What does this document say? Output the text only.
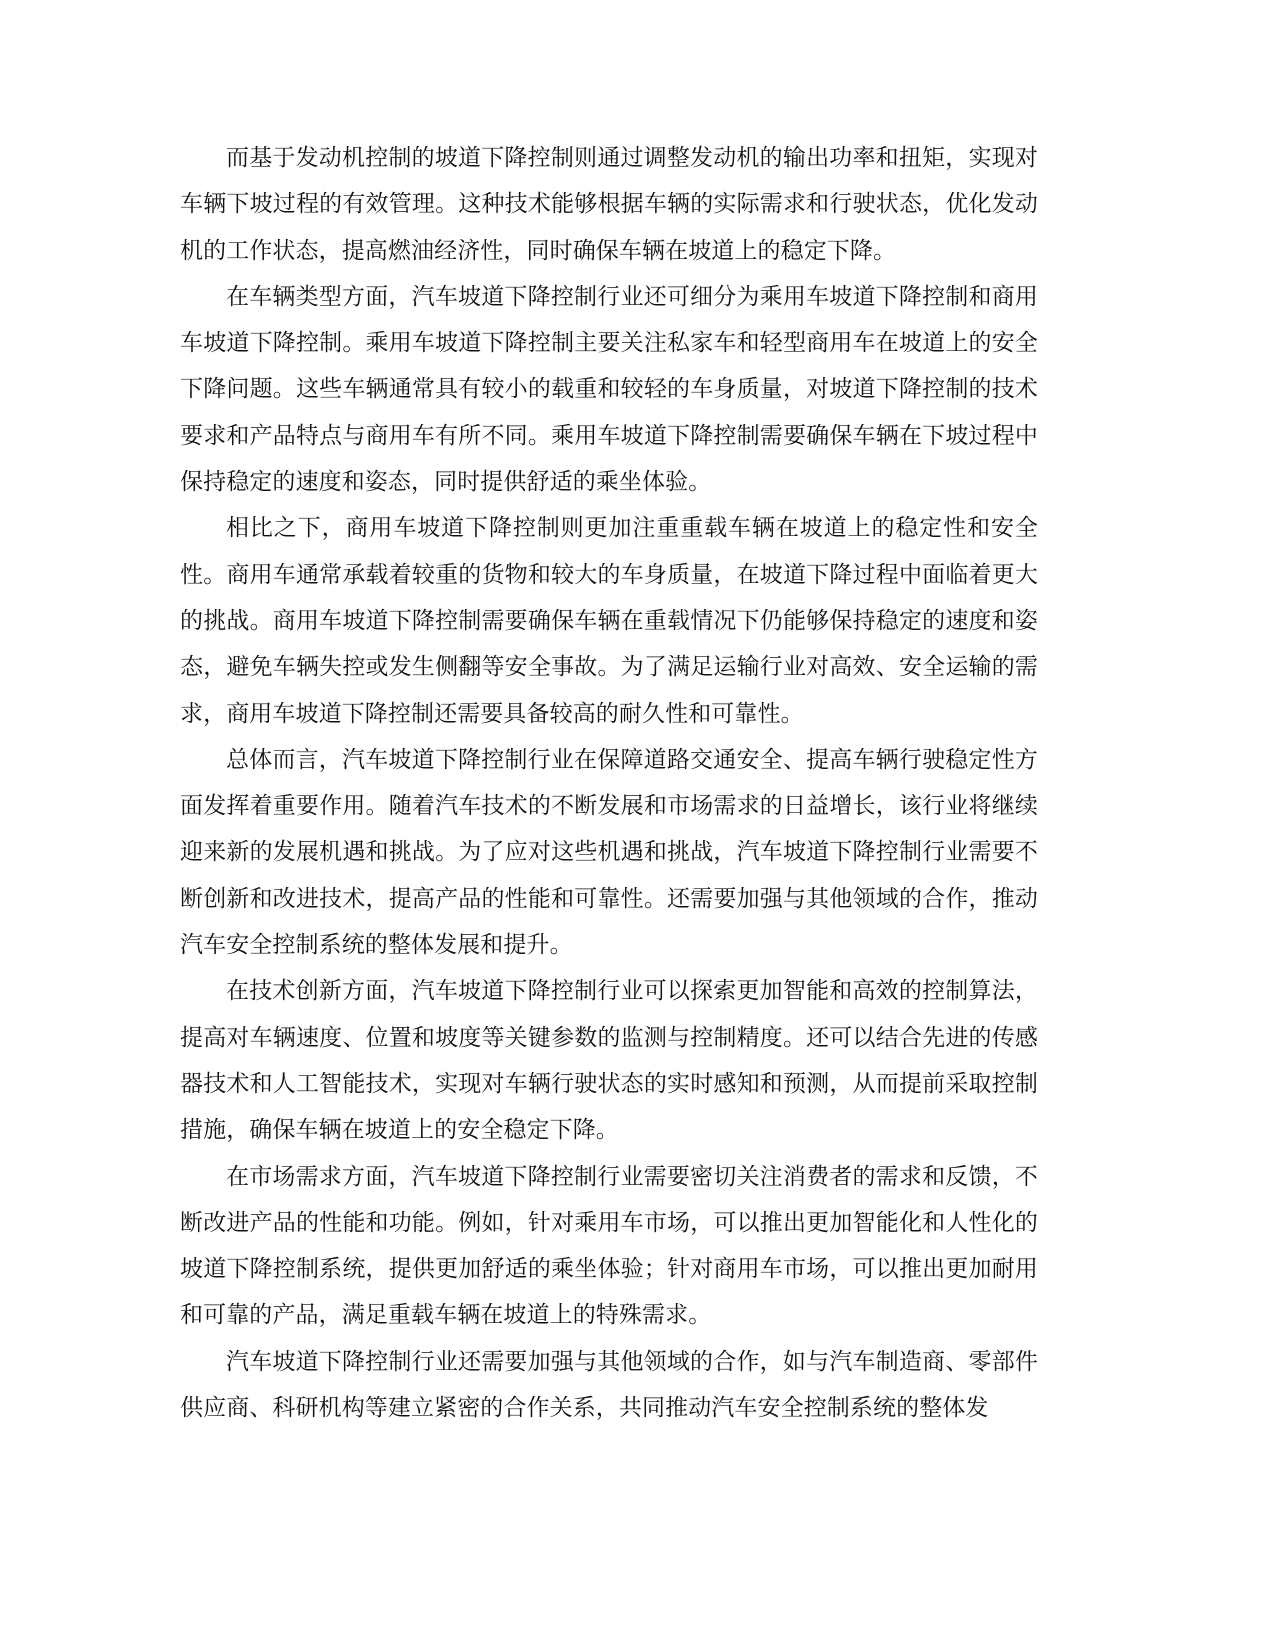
而基于发动机控制的坡道下降控制则通过调整发动机的输出功率和扭矩，实现对车辆下坡过程的有效管理。这种技术能够根据车辆的实际需求和行驶状态，优化发动机的工作状态，提高燃油经济性，同时确保车辆在坡道上的稳定下降。

在车辆类型方面，汽车坡道下降控制行业还可细分为乘用车坡道下降控制和商用车坡道下降控制。乘用车坡道下降控制主要关注私家车和轻型商用车在坡道上的安全下降问题。这些车辆通常具有较小的载重和较轻的车身质量，对坡道下降控制的技术要求和产品特点与商用车有所不同。乘用车坡道下降控制需要确保车辆在下坡过程中保持稳定的速度和姿态，同时提供舒适的乘坐体验。

相比之下，商用车坡道下降控制则更加注重重载车辆在坡道上的稳定性和安全性。商用车通常承载着较重的货物和较大的车身质量，在坡道下降过程中面临着更大的挑战。商用车坡道下降控制需要确保车辆在重载情况下仍能够保持稳定的速度和姿态，避免车辆失控或发生侧翻等安全事故。为了满足运输行业对高效、安全运输的需求，商用车坡道下降控制还需要具备较高的耐久性和可靠性。

总体而言，汽车坡道下降控制行业在保障道路交通安全、提高车辆行驶稳定性方面发挥着重要作用。随着汽车技术的不断发展和市场需求的日益增长，该行业将继续迎来新的发展机遇和挑战。为了应对这些机遇和挑战，汽车坡道下降控制行业需要不断创新和改进技术，提高产品的性能和可靠性。还需要加强与其他领域的合作，推动汽车安全控制系统的整体发展和提升。

在技术创新方面，汽车坡道下降控制行业可以探索更加智能和高效的控制算法，提高对车辆速度、位置和坡度等关键参数的监测与控制精度。还可以结合先进的传感器技术和人工智能技术，实现对车辆行驶状态的实时感知和预测，从而提前采取控制措施，确保车辆在坡道上的安全稳定下降。

在市场需求方面，汽车坡道下降控制行业需要密切关注消费者的需求和反馈，不断改进产品的性能和功能。例如，针对乘用车市场，可以推出更加智能化和人性化的坡道下降控制系统，提供更加舒适的乘坐体验；针对商用车市场，可以推出更加耐用和可靠的产品，满足重载车辆在坡道上的特殊需求。

汽车坡道下降控制行业还需要加强与其他领域的合作，如与汽车制造商、零部件供应商、科研机构等建立紧密的合作关系，共同推动汽车安全控制系统的整体发
